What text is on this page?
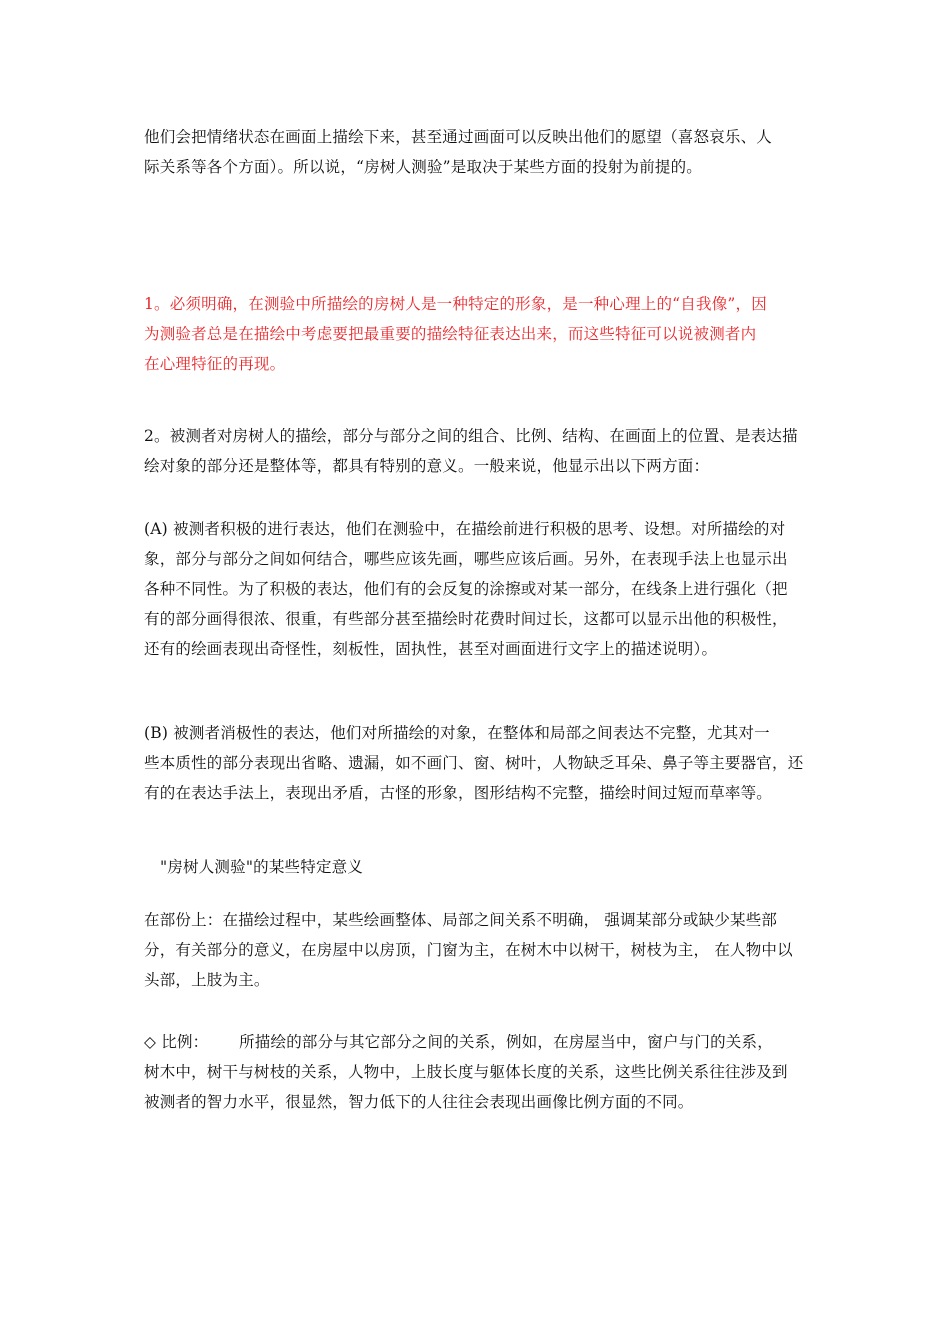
他们会把情绪状态在画面上描绘下来，甚至通过画面可以反映出他们的愿望（喜怒哀乐、人
际关系等各个方面）。所以说，“房树人测验”是取决于某些方面的投射为前提的。

1。必须明确，在测验中所描绘的房树人是一种特定的形象，是一种心理上的“自我像”，因
为测验者总是在描绘中考虑要把最重要的描绘特征表达出来，而这些特征可以说被测者内
在心理特征的再现。

2。被测者对房树人的描绘，部分与部分之间的组合、比例、结构、在画面上的位置、是表达描
绘对象的部分还是整体等，都具有特别的意义。一般来说，他显示出以下两方面：

(A) 被测者积极的进行表达，他们在测验中，在描绘前进行积极的思考、设想。对所描绘的对
象，部分与部分之间如何结合，哪些应该先画，哪些应该后画。另外，在表现手法上也显示出
各种不同性。为了积极的表达，他们有的会反复的涂擦或对某一部分，在线条上进行强化（把
有的部分画得很浓、很重，有些部分甚至描绘时花费时间过长，这都可以显示出他的积极性，
还有的绘画表现出奇怪性，刻板性，固执性，甚至对画面进行文字上的描述说明）。

(B) 被测者消极性的表达，他们对所描绘的对象，在整体和局部之间表达不完整，尤其对一
些本质性的部分表现出省略、遗漏，如不画门、窗、树叶，人物缺乏耳朵、鼻子等主要器官，还
有的在表达手法上，表现出矛盾，古怪的形象，图形结构不完整，描绘时间过短而草率等。

"房树人测验"的某些特定意义

在部份上：在描绘过程中，某些绘画整体、局部之间关系不明确， 强调某部分或缺少某些部
分，有关部分的意义，在房屋中以房顶，门窗为主，在树木中以树干，树枝为主， 在人物中以
头部，上肢为主。

◇ 比例：      所描绘的部分与其它部分之间的关系，例如，在房屋当中，窗户与门的关系，
树木中，树干与树枝的关系，人物中，上肢长度与躯体长度的关系，这些比例关系往往涉及到
被测者的智力水平，很显然，智力低下的人往往会表现出画像比例方面的不同。
